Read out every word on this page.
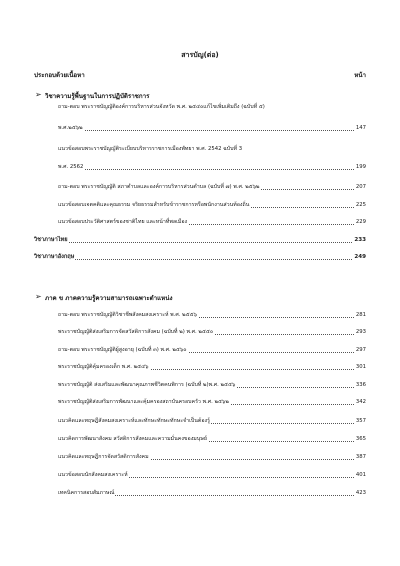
สารบัญ(ต่อ)
ประกอบด้วยเนื้อหา	หน้า
➢ วิชาความรู้พื้นฐานในการปฏิบัติราชการ
ถาม-ตอบ พระราชบัญญัติองค์การบริหารส่วนจังหวัด พ.ศ. ๒๕๔๐แก้ไขเพิ่มเติมถึง (ฉบับที่ ๕)
พ.ศ.๒๕๖๒	147
แนวข้อสอบพระราชบัญญัติระเบียบบริหารราชการเมืองพัทยา พ.ศ. 2542 ฉบับที่ 3
พ.ศ. 2562	199
ถาม-ตอบ พระราชบัญญัติ สภาตำบลและองค์การบริหารส่วนตำบล (ฉบับที่ ๗) พ.ศ. ๒๕๖๒	207
แนวข้อสอบเจตคติและคุณธรรม จริยธรรมสำหรับข้าราชการหรือพนักงานส่วนท้องถิ่น	225
แนวข้อสอบประวัติศาสตร์ของชาติไทย และหน้าที่พลเมือง	229
วิชาภาษาไทย	233
วิชาภาษาอังกฤษ	249
➢ ภาค ข ภาคความรู้ความสามารถเฉพาะตำแหน่ง
ถาม-ตอบ พระราชบัญญัติวิชาชีพสังคมสงเคราะห์ พ.ศ. ๒๕๕๖	281
พระราชบัญญัติส่งเสริมการจัดสวัสดิการสังคม (ฉบับที่ ๒) พ.ศ. ๒๕๕๐	293
ถาม-ตอบ พระราชบัญญัติผู้สูงอายุ (ฉบับที่ ๓) พ.ศ. ๒๕๖๐	297
พระราชบัญญัติคุ้มครองเด็ก พ.ศ. ๒๕๔๖	301
พระราชบัญญัติ ส่งเสริมและพัฒนาคุณภาพชีวิตคนพิการ (ฉบับที่ ๒)พ.ศ. ๒๕๕๖	336
พระราชบัญญัติส่งเสริมการพัฒนาและคุ้มครองสถาบันครอบครัว พ.ศ. ๒๕๖๒	342
แนวคิดและทฤษฎีสังคมสงเคราะห์และทักษะทักษะทักษะจำเป็นต้องรู้	357
แนวคิดการพัฒนาสังคม สวัสดิการสังคมและความมั่นคงของมนุษย์	365
แนวคิดและทฤษฎีการจัดสวัสดิการสังคม	387
แนวข้อสอบนักสังคมสงเคราะห์	401
เทคนิคการสอบสัมภาษณ์	423
